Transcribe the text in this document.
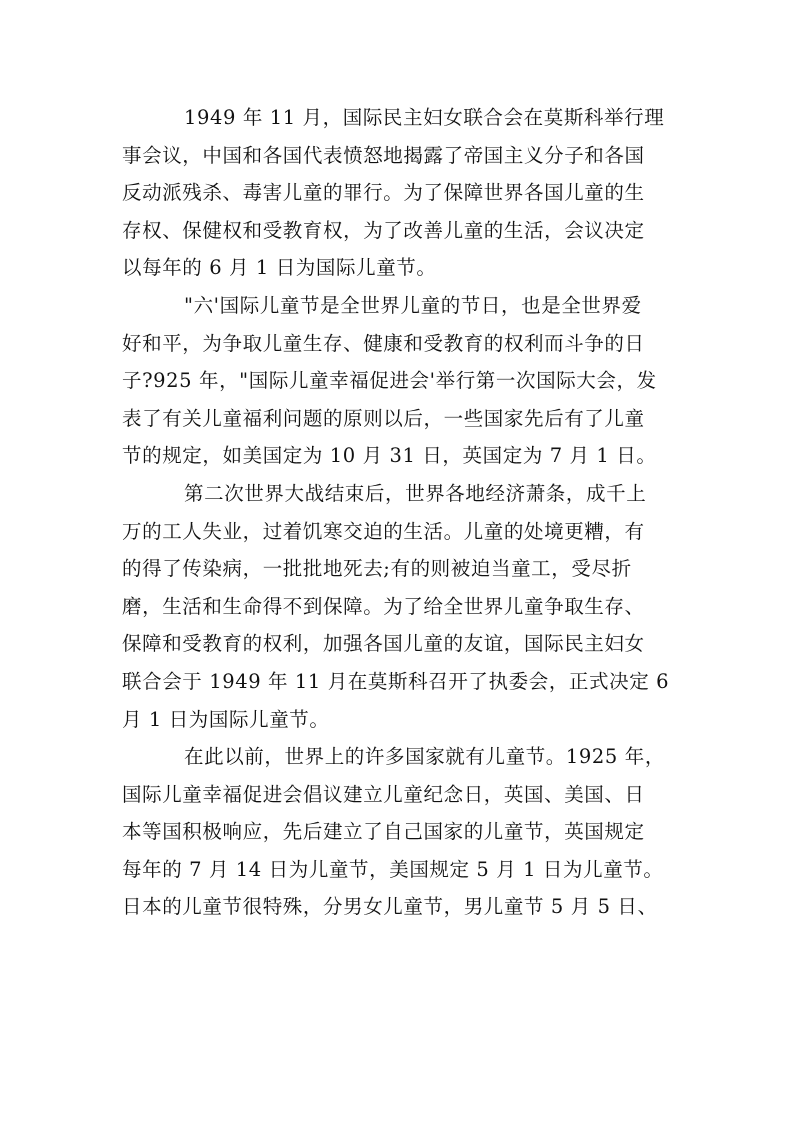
1949 年 11 月，国际民主妇女联合会在莫斯科举行理
事会议，中国和各国代表愤怒地揭露了帝国主义分子和各国
反动派残杀、毒害儿童的罪行。为了保障世界各国儿童的生
存权、保健权和受教育权，为了改善儿童的生活，会议决定
以每年的 6 月 1 日为国际儿童节。
"六'国际儿童节是全世界儿童的节日，也是全世界爱
好和平，为争取儿童生存、健康和受教育的权利而斗争的日
子?925 年，"国际儿童幸福促进会'举行第一次国际大会，发
表了有关儿童福利问题的原则以后，一些国家先后有了儿童
节的规定，如美国定为 10 月 31 日，英国定为 7 月 1 日。
第二次世界大战结束后，世界各地经济萧条，成千上
万的工人失业，过着饥寒交迫的生活。儿童的处境更糟，有
的得了传染病，一批批地死去;有的则被迫当童工，受尽折
磨，生活和生命得不到保障。为了给全世界儿童争取生存、
保障和受教育的权利，加强各国儿童的友谊，国际民主妇女
联合会于 1949 年 11 月在莫斯科召开了执委会，正式决定 6
月 1 日为国际儿童节。
在此以前，世界上的许多国家就有儿童节。1925 年，
国际儿童幸福促进会倡议建立儿童纪念日，英国、美国、日
本等国积极响应，先后建立了自己国家的儿童节，英国规定
每年的 7 月 14 日为儿童节，美国规定 5 月 1 日为儿童节。
日本的儿童节很特殊，分男女儿童节，男儿童节 5 月 5 日、
